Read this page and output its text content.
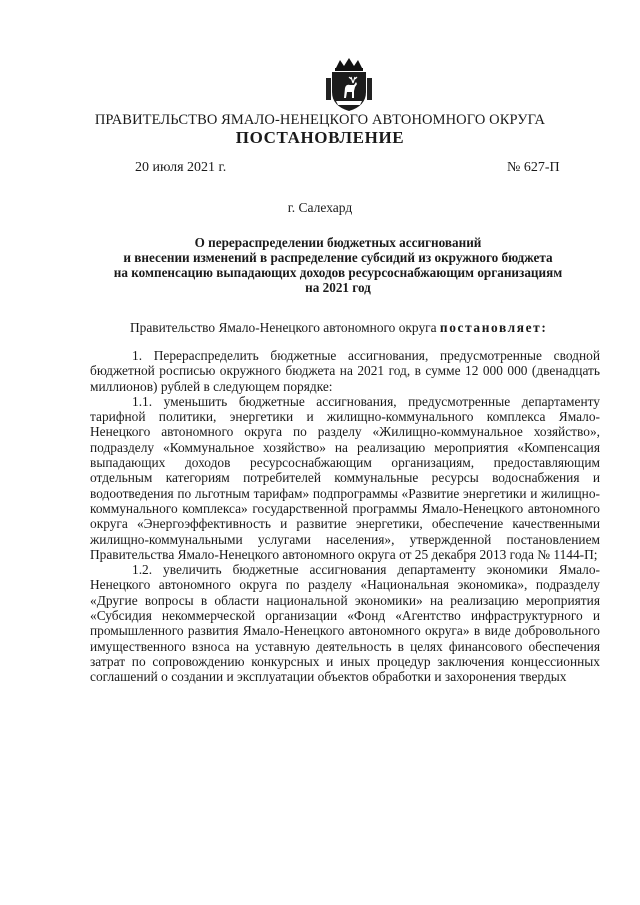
ПРАВИТЕЛЬСТВО ЯМАЛО-НЕНЕЦКОГО АВТОНОМНОГО ОКРУГА
ПОСТАНОВЛЕНИЕ
20 июля 2021 г.	№ 627-П
г. Салехард
О перераспределении бюджетных ассигнований
и внесении изменений в распределение субсидий из окружного бюджета
на компенсацию выпадающих доходов ресурсоснабжающим организациям
на 2021 год
Правительство Ямало-Ненецкого автономного округа постановляет:

1. Перераспределить бюджетные ассигнования, предусмотренные сводной бюджетной росписью окружного бюджета на 2021 год, в сумме 12 000 000 (двенадцать миллионов) рублей в следующем порядке:

1.1. уменьшить бюджетные ассигнования, предусмотренные департаменту тарифной политики, энергетики и жилищно-коммунального комплекса Ямало-Ненецкого автономного округа по разделу «Жилищно-коммунальное хозяйство», подразделу «Коммунальное хозяйство» на реализацию мероприятия «Компенсация выпадающих доходов ресурсоснабжающим организациям, предоставляющим отдельным категориям потребителей коммунальные ресурсы водоснабжения и водоотведения по льготным тарифам» подпрограммы «Развитие энергетики и жилищно-коммунального комплекса» государственной программы Ямало-Ненецкого автономного округа «Энергоэффективность и развитие энергетики, обеспечение качественными жилищно-коммунальными услугами населения», утвержденной постановлением Правительства Ямало-Ненецкого автономного округа от 25 декабря 2013 года № 1144-П;

1.2. увеличить бюджетные ассигнования департаменту экономики Ямало-Ненецкого автономного округа по разделу «Национальная экономика», подразделу «Другие вопросы в области национальной экономики» на реализацию мероприятия «Субсидия некоммерческой организации «Фонд «Агентство инфраструктурного и промышленного развития Ямало-Ненецкого автономного округа» в виде добровольного имущественного взноса на уставную деятельность в целях финансового обеспечения затрат по сопровождению конкурсных и иных процедур заключения концессионных соглашений о создании и эксплуатации объектов обработки и захоронения твердых
